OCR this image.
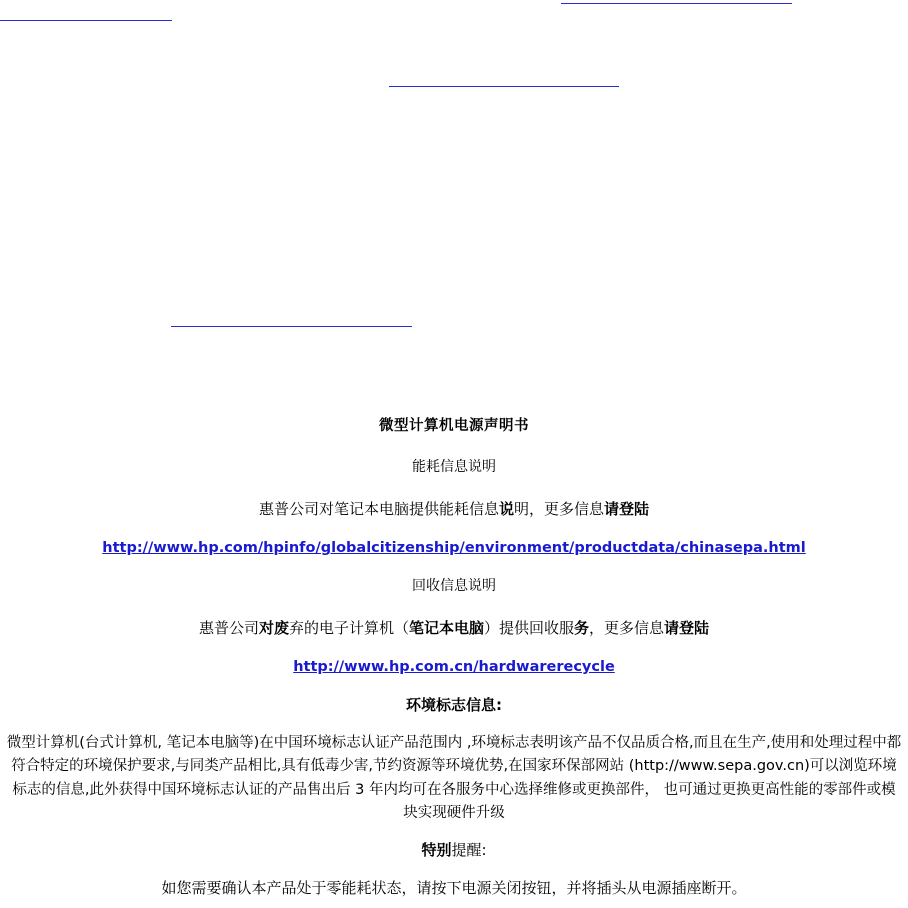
微型计算机电源声明书
能耗信息说明
惠普公司对笔记本电脑提供能耗信息说明，更多信息请登陆
http://www.hp.com/hpinfo/globalcitizenship/environment/productdata/chinasepa.html
回收信息说明
惠普公司对废弃的电子计算机（笔记本电脑）提供回收服务，更多信息请登陆
http://www.hp.com.cn/hardwarerecycle
环境标志信息:
微型计算机(台式计算机, 笔记本电脑等)在中国环境标志认证产品范围内 ,环境标志表明该产品不仅品质合格,而且在生产,使用和处理过程中都符合特定的环境保护要求,与同类产品相比,具有低毒少害,节约资源等环境优势,在国家环保部网站 (http://www.sepa.gov.cn)可以浏览环境标志的信息,此外获得中国环境标志认证的产品售出后 3 年内均可在各服务中心选择维修或更换部件， 也可通过更换更高性能的零部件或模块实现硬件升级
特别提醒:
如您需要确认本产品处于零能耗状态，请按下电源关闭按钮，并将插头从电源插座断开。
